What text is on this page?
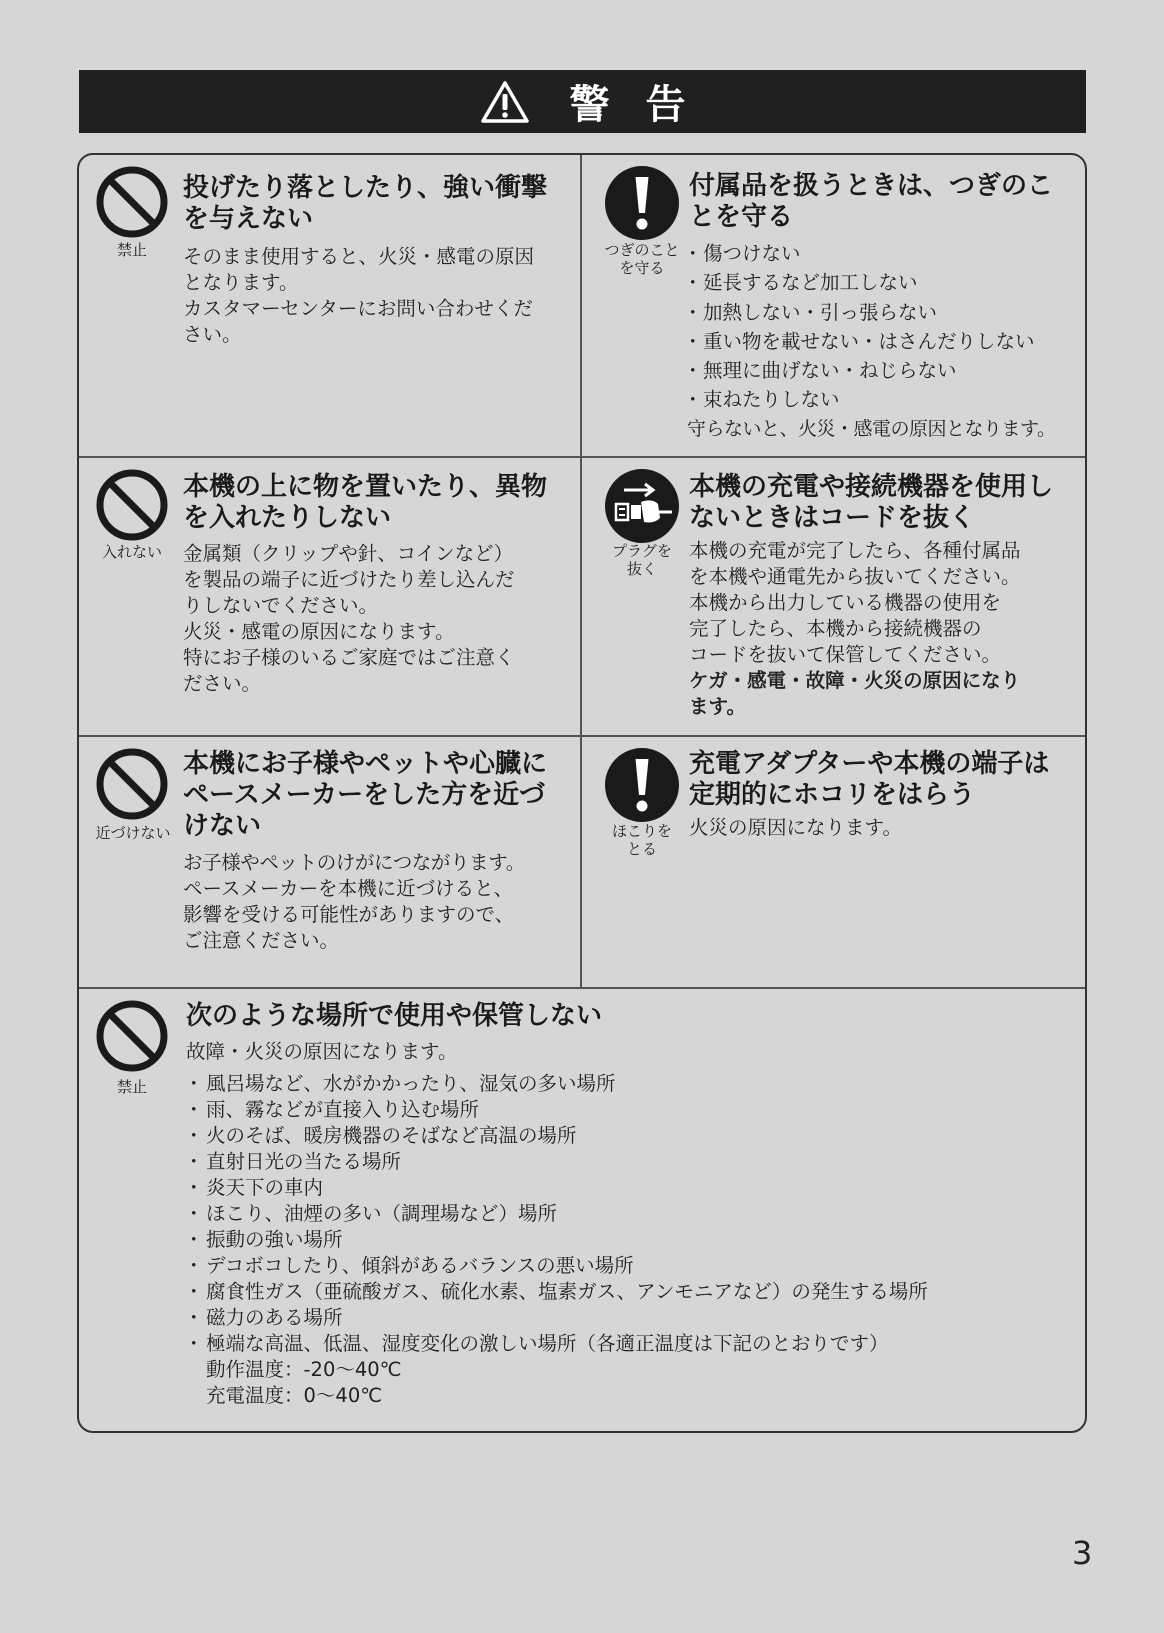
警告
禁止
投げたり落としたり、強い衝撃
を与えない

そのまま使用すると、火災・感電の原因

となります。

カスタマーセンターにお問い合わせくだ

さい。

つぎのこと
を守る
付属品を扱うときは、つぎのこ
とを守る
・ 傷つけない
・ 延長するなど加工しない
・ 加熱しない・引っ張らない
・ 重い物を載せない・はさんだりしない
・ 無理に曲げない・ねじらない
・ 束ねたりしない

守らないと、火災・感電の原因となります。

入れない
本機の上に物を置いたり、異物
を入れたりしない

金属類（クリップや針、コインなど）

を製品の端子に近づけたり差し込んだ

りしないでください。

火災・感電の原因になります。

特にお子様のいるご家庭ではご注意く

ださい。

プラグを
抜く
本機の充電や接続機器を使用し
ないときはコードを抜く

本機の充電が完了したら、各種付属品

を本機や通電先から抜いてください。

本機から出力している機器の使用を

完了したら、本機から接続機器の

コードを抜いて保管してください。

ケガ・感電・故障・火災の原因になり

ます。

近づけない
本機にお子様やペットや心臓に
ペースメーカーをした方を近づ
けない

お子様やペットのけがにつながります。

ペースメーカーを本機に近づけると、

影響を受ける可能性がありますので、

ご注意ください。

ほこりを
とる
充電アダプターや本機の端子は
定期的にホコリをはらう

火災の原因になります。

禁止
次のような場所で使用や保管しない

故障・火災の原因になります。

・ 風呂場など、水がかかったり、湿気の多い場所
・ 雨、霧などが直接入り込む場所
・ 火のそば、暖房機器のそばなど高温の場所
・ 直射日光の当たる場所
・ 炎天下の車内
・ ほこり、油煙の多い（調理場など）場所
・ 振動の強い場所
・ デコボコしたり、傾斜があるバランスの悪い場所
・ 腐食性ガス（亜硫酸ガス、硫化水素、塩素ガス、アンモニアなど）の発生する場所
・ 磁力のある場所
・ 極端な高温、低温、湿度変化の激しい場所（各適正温度は下記のとおりです）

動作温度：-20～40℃

充電温度：0～40℃

3
